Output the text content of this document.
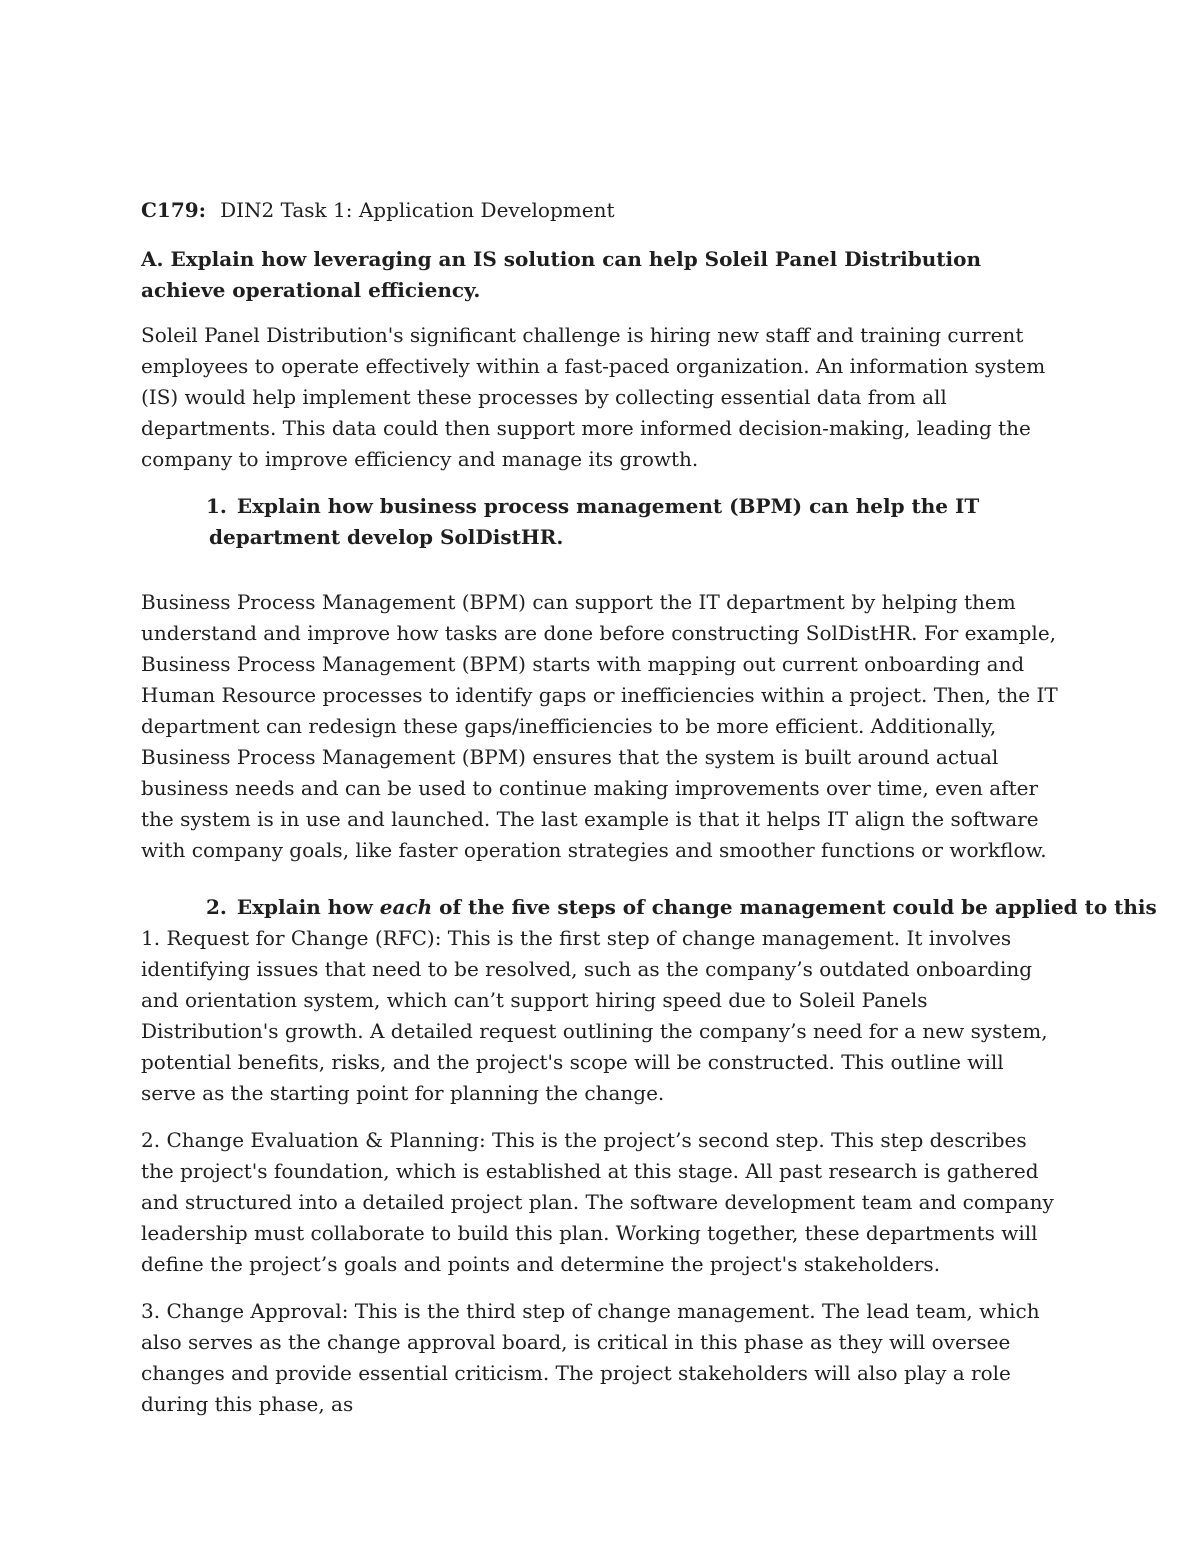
C179: DIN2 Task 1: Application Development

A. Explain how leveraging an IS solution can help Soleil Panel Distribution achieve operational efficiency.

Soleil Panel Distribution's significant challenge is hiring new staff and training current employees to operate effectively within a fast-paced organization. An information system (IS) would help implement these processes by collecting essential data from all departments. This data could then support more informed decision-making, leading the company to improve efficiency and manage its growth.

1. Explain how business process management (BPM) can help the IT department develop SolDistHR.

Business Process Management (BPM) can support the IT department by helping them understand and improve how tasks are done before constructing SolDistHR. For example, Business Process Management (BPM) starts with mapping out current onboarding and Human Resource processes to identify gaps or inefficiencies within a project. Then, the IT department can redesign these gaps/inefficiencies to be more efficient. Additionally, Business Process Management (BPM) ensures that the system is built around actual business needs and can be used to continue making improvements over time, even after the system is in use and launched. The last example is that it helps IT align the software with company goals, like faster operation strategies and smoother functions or workflow.

2. Explain how each of the five steps of change management could be applied to this

1. Request for Change (RFC): This is the first step of change management. It involves identifying issues that need to be resolved, such as the company’s outdated onboarding and orientation system, which can’t support hiring speed due to Soleil Panels Distribution's growth. A detailed request outlining the company’s need for a new system, potential benefits, risks, and the project's scope will be constructed. This outline will serve as the starting point for planning the change.

2. Change Evaluation & Planning: This is the project’s second step. This step describes the project's foundation, which is established at this stage. All past research is gathered and structured into a detailed project plan. The software development team and company leadership must collaborate to build this plan. Working together, these departments will define the project’s goals and points and determine the project's stakeholders.

3. Change Approval: This is the third step of change management. The lead team, which also serves as the change approval board, is critical in this phase as they will oversee changes and provide essential criticism. The project stakeholders will also play a role during this phase, as
